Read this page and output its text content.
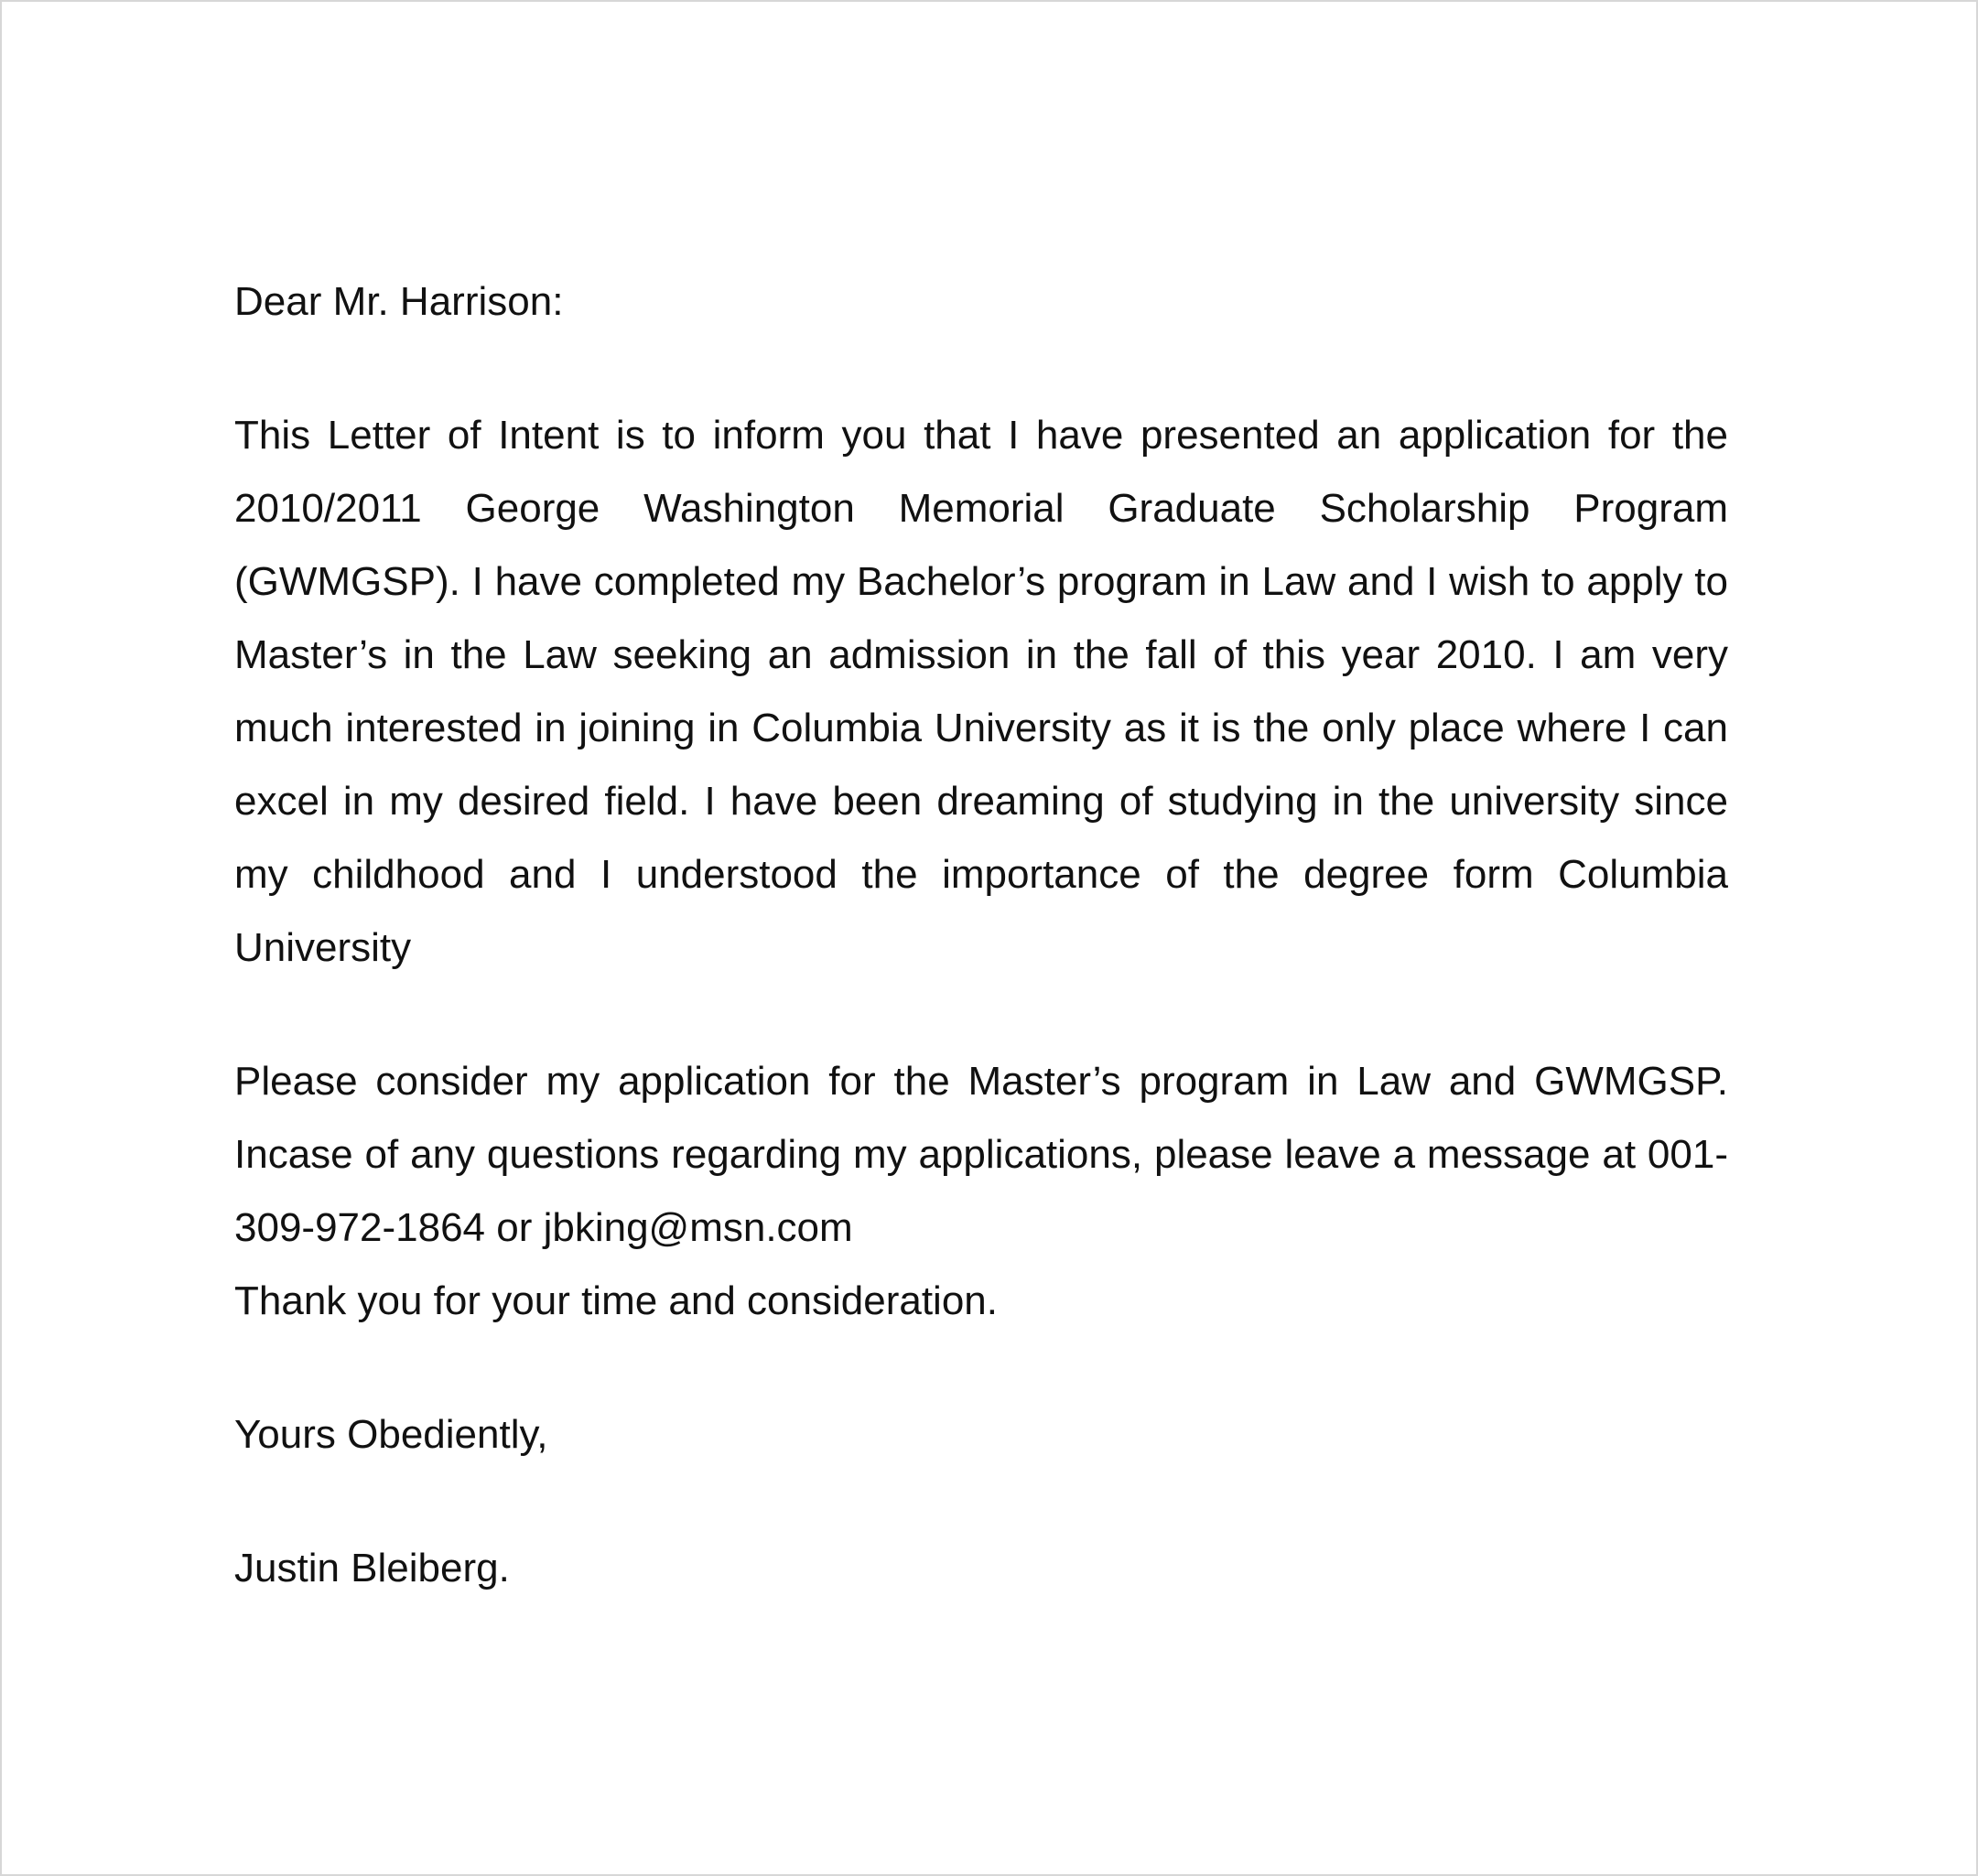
Dear Mr. Harrison:

This Letter of Intent is to inform you that I have presented an application for the 2010/2011 George Washington Memorial Graduate Scholarship Program (GWMGSP). I have completed my Bachelor’s program in Law and I wish to apply to Master’s in the Law seeking an admission in the fall of this year 2010. I am very much interested in joining in Columbia University as it is the only place where I can excel in my desired field. I have been dreaming of studying in the university since my childhood and I understood the importance of the degree form Columbia University

Please consider my application for the Master’s program in Law and GWMGSP. Incase of any questions regarding my applications, please leave a message at 001-309-972-1864 or jbking@msn.com

Thank you for your time and consideration.

Yours Obediently,

Justin Bleiberg.
